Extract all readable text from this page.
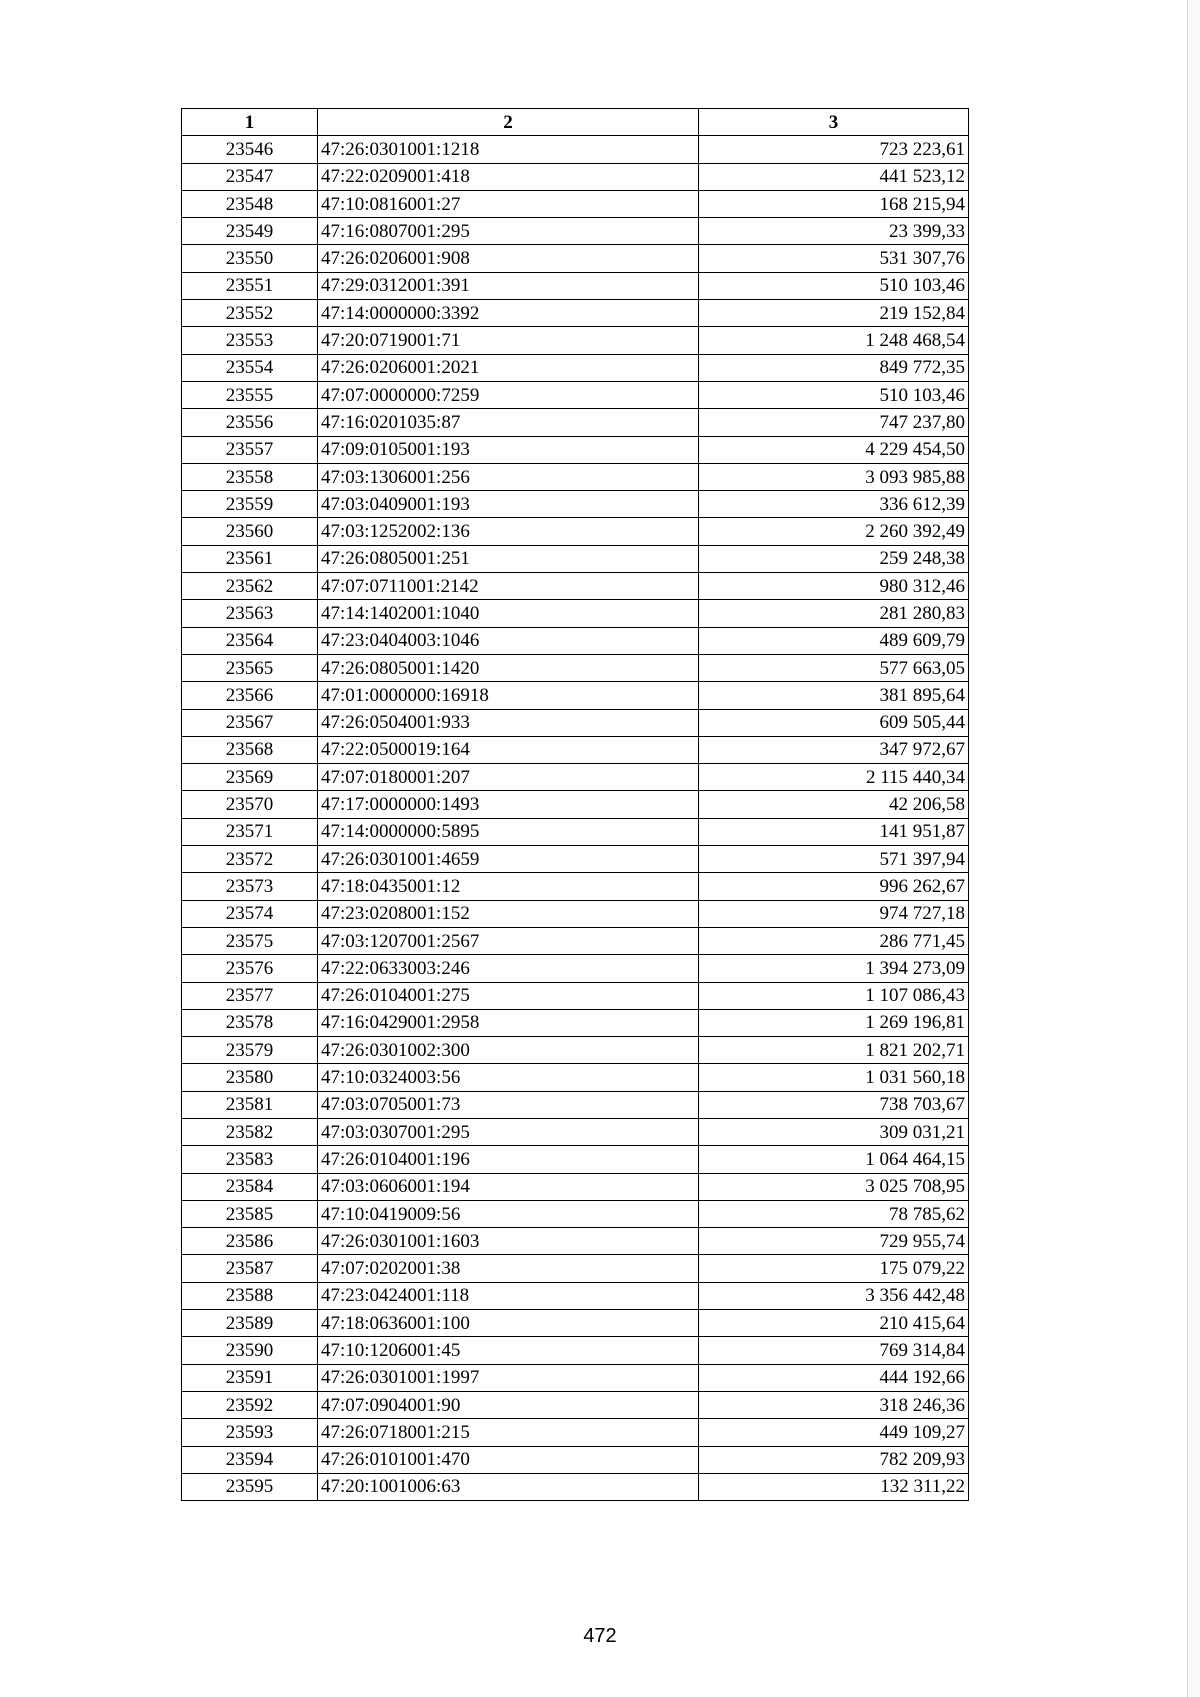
1	2	3
23546	47:26:0301001:1218	723 223,61
23547	47:22:0209001:418	441 523,12
23548	47:10:0816001:27	168 215,94
23549	47:16:0807001:295	23 399,33
23550	47:26:0206001:908	531 307,76
23551	47:29:0312001:391	510 103,46
23552	47:14:0000000:3392	219 152,84
23553	47:20:0719001:71	1 248 468,54
23554	47:26:0206001:2021	849 772,35
23555	47:07:0000000:7259	510 103,46
23556	47:16:0201035:87	747 237,80
23557	47:09:0105001:193	4 229 454,50
23558	47:03:1306001:256	3 093 985,88
23559	47:03:0409001:193	336 612,39
23560	47:03:1252002:136	2 260 392,49
23561	47:26:0805001:251	259 248,38
23562	47:07:0711001:2142	980 312,46
23563	47:14:1402001:1040	281 280,83
23564	47:23:0404003:1046	489 609,79
23565	47:26:0805001:1420	577 663,05
23566	47:01:0000000:16918	381 895,64
23567	47:26:0504001:933	609 505,44
23568	47:22:0500019:164	347 972,67
23569	47:07:0180001:207	2 115 440,34
23570	47:17:0000000:1493	42 206,58
23571	47:14:0000000:5895	141 951,87
23572	47:26:0301001:4659	571 397,94
23573	47:18:0435001:12	996 262,67
23574	47:23:0208001:152	974 727,18
23575	47:03:1207001:2567	286 771,45
23576	47:22:0633003:246	1 394 273,09
23577	47:26:0104001:275	1 107 086,43
23578	47:16:0429001:2958	1 269 196,81
23579	47:26:0301002:300	1 821 202,71
23580	47:10:0324003:56	1 031 560,18
23581	47:03:0705001:73	738 703,67
23582	47:03:0307001:295	309 031,21
23583	47:26:0104001:196	1 064 464,15
23584	47:03:0606001:194	3 025 708,95
23585	47:10:0419009:56	78 785,62
23586	47:26:0301001:1603	729 955,74
23587	47:07:0202001:38	175 079,22
23588	47:23:0424001:118	3 356 442,48
23589	47:18:0636001:100	210 415,64
23590	47:10:1206001:45	769 314,84
23591	47:26:0301001:1997	444 192,66
23592	47:07:0904001:90	318 246,36
23593	47:26:0718001:215	449 109,27
23594	47:26:0101001:470	782 209,93
23595	47:20:1001006:63	132 311,22
472
